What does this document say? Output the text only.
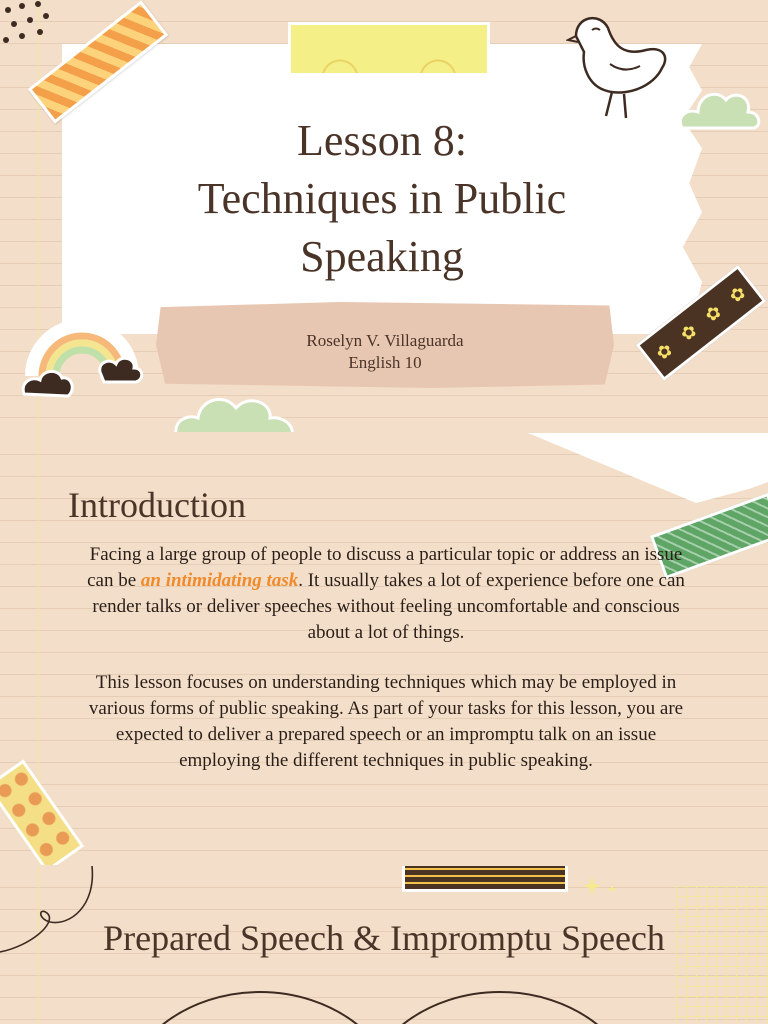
Lesson 8:
Techniques in Public
Speaking
Roselyn V. Villaguarda
English 10	✿
✿
✿
✿
Introduction

Facing a large group of people to discuss a particular topic or address an issue can be an intimidating task. It usually takes a lot of experience before one can render talks or deliver speeches without feeling uncomfortable and conscious about a lot of things.

This lesson focuses on understanding techniques which may be employed in various forms of public speaking. As part of your tasks for this lesson, you are expected to deliver a prepared speech or an impromptu talk on an issue employing the different techniques in public speaking.

Prepared Speech & Impromptu Speech
